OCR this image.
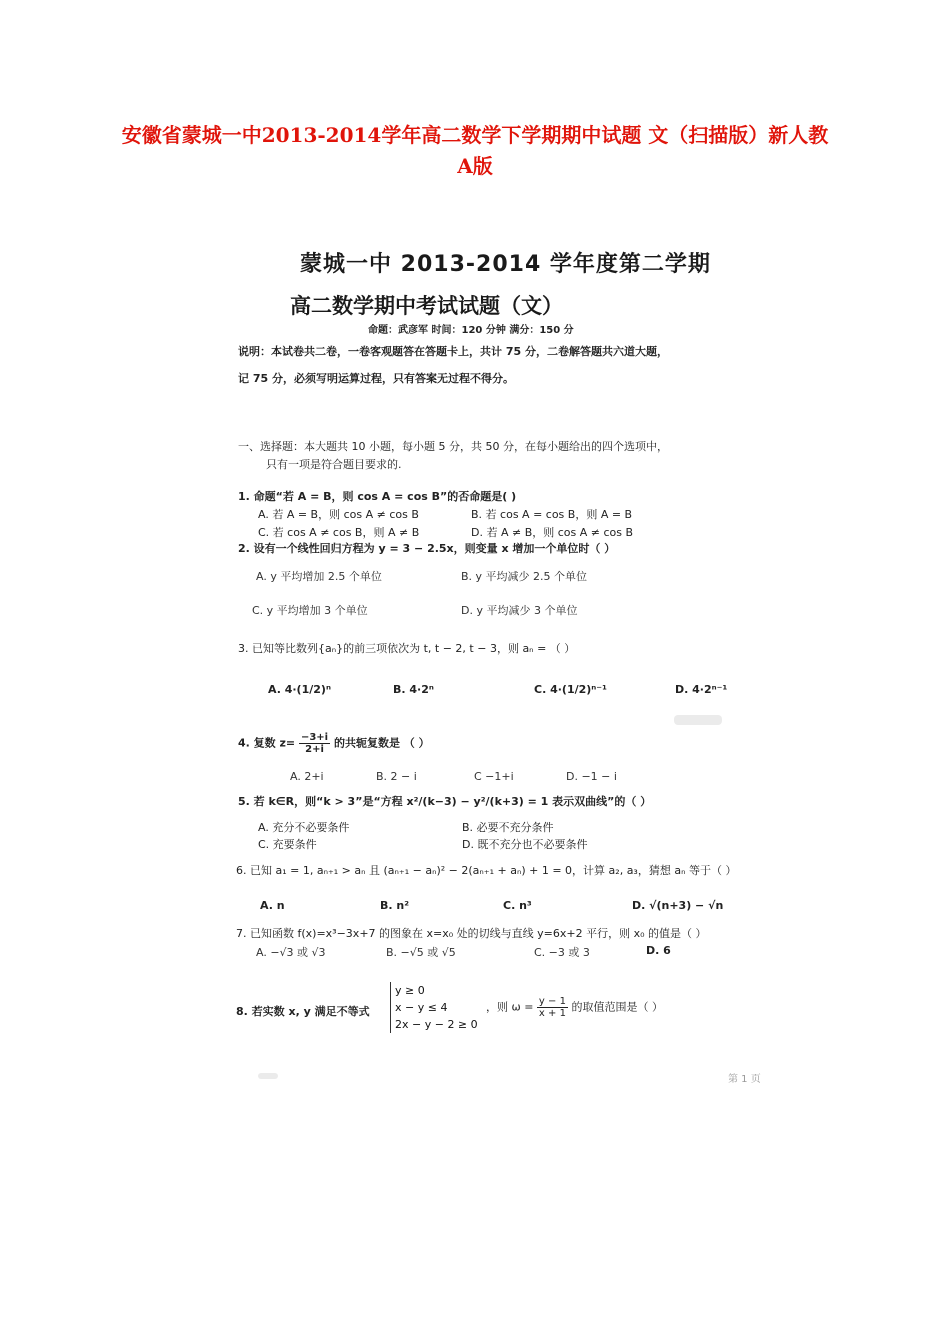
安徽省蒙城一中2013-2014学年高二数学下学期期中试题 文（扫描版）新人教A版
蒙城一中 2013-2014 学年度第二学期
高二数学期中考试试题（文）
命题：武彦军 时间：120 分钟 满分：150 分
说明：本试卷共二卷，一卷客观题答在答题卡上，共计 75 分，二卷解答题共六道大题，
记 75 分，必须写明运算过程，只有答案无过程不得分。
一、选择题：本大题共 10 小题，每小题 5 分，共 50 分，在每小题给出的四个选项中，
只有一项是符合题目要求的.
1. 命题“若 A = B，则 cos A = cos B”的否命题是( )
A. 若 A = B，则 cos A ≠ cos B	B. 若 cos A = cos B，则 A = B
C. 若 cos A ≠ cos B，则 A ≠ B	D. 若 A ≠ B，则 cos A ≠ cos B
2. 设有一个线性回归方程为 y = 3 − 2.5x，则变量 x 增加一个单位时（ ）
A. y 平均增加 2.5 个单位	B. y 平均减少 2.5 个单位
C. y 平均增加 3 个单位	D. y 平均减少 3 个单位
3. 已知等比数列{aₙ}的前三项依次为 t, t − 2, t − 3，则 aₙ = （ ）
A. 4·(1/2)ⁿ	B. 4·2ⁿ	C. 4·(1/2)ⁿ⁻¹	D. 4·2ⁿ⁻¹
4. 复数 $z= \frac{-3+i}{2+i}$ 的共轭复数是 （ ）
A. 2+i	B. 2 − i	C −1+i	D. −1 − i
5. 若 k∈R，则“k > 3”是“方程 x²/(k−3) − y²/(k+3) = 1 表示双曲线”的（ ）
A. 充分不必要条件	B. 必要不充分条件
C. 充要条件	D. 既不充分也不必要条件
6. 已知 a₁ = 1, aₙ₊₁ > aₙ 且 (aₙ₊₁ − aₙ)² − 2(aₙ₊₁ + aₙ) + 1 = 0，计算 a₂, a₃，猜想 aₙ 等于（ ）
A. n	B. n²	C. n³	D. √(n+3) − √n
7. 已知函数 f(x)=x³−3x+7 的图象在 x=x₀ 处的切线与直线 y=6x+2 平行，则 x₀ 的值是（ ）
A. −√3 或 √3	B. −√5 或 √5	C. −3 或 3	D. 6
8. 若实数 x, y 满足不等式
y ≥ 0
x − y ≤ 4
2x − y − 2 ≥ 0
，则 $\omega = \frac{y - 1}{x + 1}$ 的取值范围是（ ）
第 1 页
